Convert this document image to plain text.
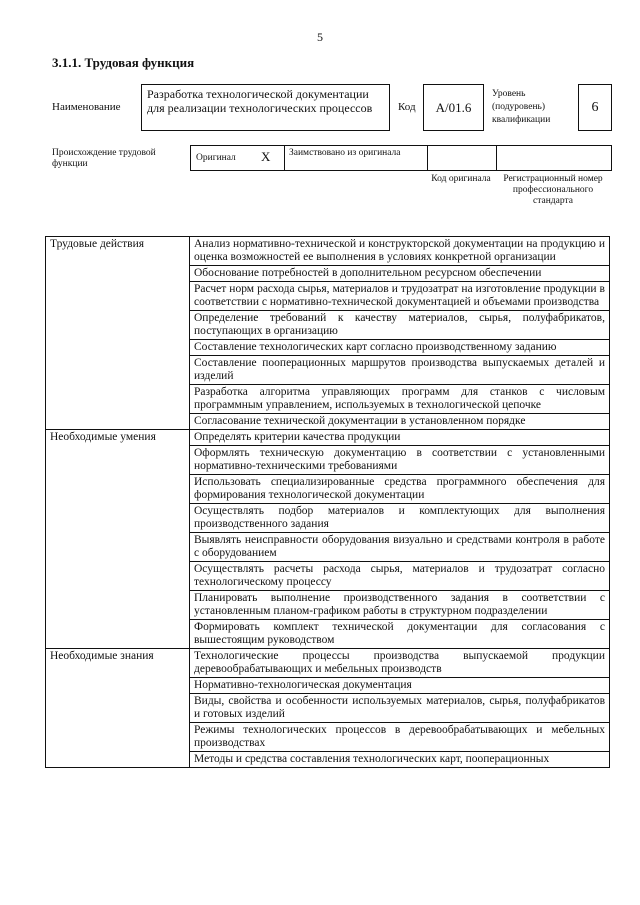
5
3.1.1. Трудовая функция
Наименование
Разработка технологической документации для реализации технологических процессов	Код	A/01.6
Уровень (подуровень) квалификации
6
Происхождение трудовой функции
Оригинал X Заимствовано из оригинала
Код оригинала	Регистрационный номер профессионального стандарта
Трудовые действия	Анализ нормативно-технической и конструкторской документации на продукцию и оценка возможностей ее выполнения в условиях конкретной организации
	Обоснование потребностей в дополнительном ресурсном обеспечении
	Расчет норм расхода сырья, материалов и трудозатрат на изготовление продукции в соответствии с нормативно-технической документацией и объемами производства
	Определение требований к качеству материалов, сырья, полуфабрикатов, поступающих в организацию
	Составление технологических карт согласно производственному заданию
	Составление пооперационных маршрутов производства выпускаемых деталей и изделий
	Разработка алгоритма управляющих программ для станков с числовым программным управлением, используемых в технологической цепочке
	Согласование технической документации в установленном порядке
Необходимые умения	Определять критерии качества продукции
	Оформлять техническую документацию в соответствии с установленными нормативно-техническими требованиями
	Использовать специализированные средства программного обеспечения для формирования технологической документации
	Осуществлять подбор материалов и комплектующих для выполнения производственного задания
	Выявлять неисправности оборудования визуально и средствами контроля в работе с оборудованием
	Осуществлять расчеты расхода сырья, материалов и трудозатрат согласно технологическому процессу
	Планировать выполнение производственного задания в соответствии с установленным планом-графиком работы в структурном подразделении
	Формировать комплект технической документации для согласования с вышестоящим руководством
Необходимые знания	Технологические процессы производства выпускаемой продукции деревообрабатывающих и мебельных производств
	Нормативно-технологическая документация
	Виды, свойства и особенности используемых материалов, сырья, полуфабрикатов и готовых изделий
	Режимы технологических процессов в деревообрабатывающих и мебельных производствах
	Методы и средства составления технологических карт, пооперационных
